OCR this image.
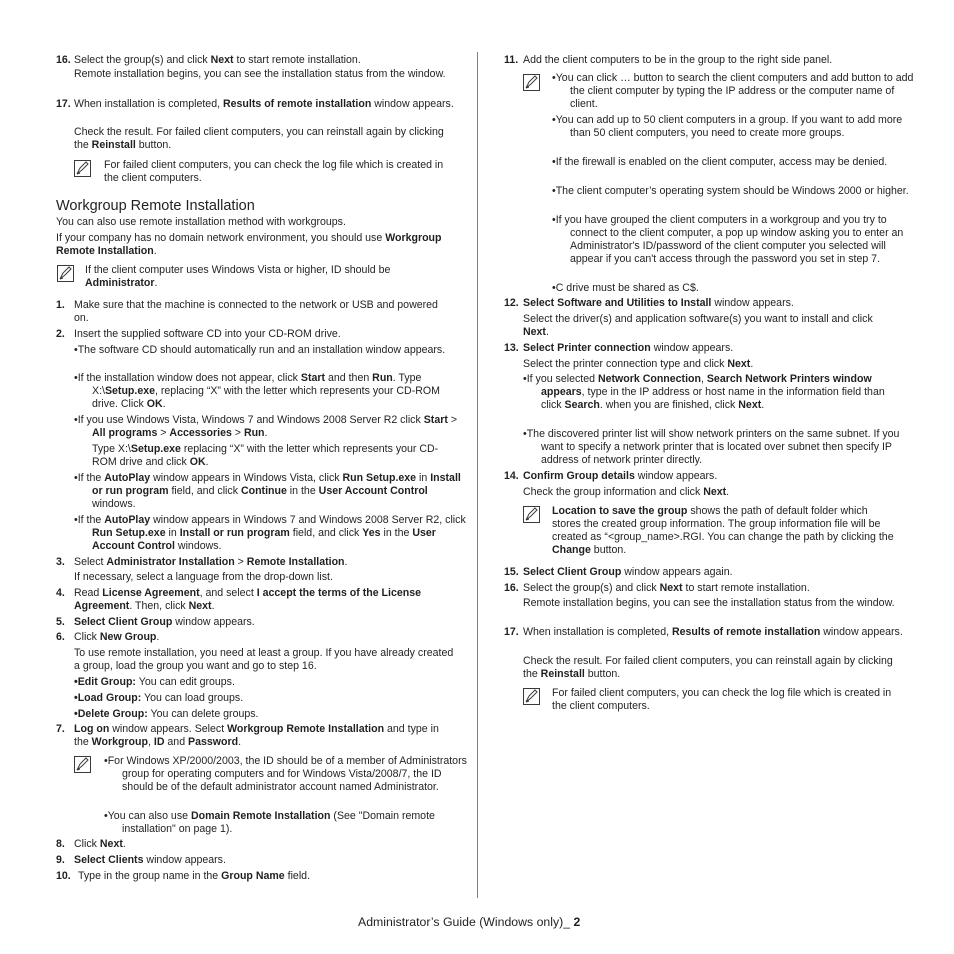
16. Select the group(s) and click Next to start remote installation.
Remote installation begins, you can see the installation status from the window.
17. When installation is completed, Results of remote installation window appears.
Check the result. For failed client computers, you can reinstall again by clicking the Reinstall button.
For failed client computers, you can check the log file which is created in the client computers.
Workgroup Remote Installation
You can also use remote installation method with workgroups.
If your company has no domain network environment, you should use Workgroup Remote Installation.
If the client computer uses Windows Vista or higher, ID should be Administrator.
1. Make sure that the machine is connected to the network or USB and powered on.
2. Insert the supplied software CD into your CD-ROM drive.
•The software CD should automatically run and an installation window appears.
•If the installation window does not appear, click Start and then Run. Type X:\Setup.exe, replacing “X” with the letter which represents your CD-ROM drive. Click OK.
•If you use Windows Vista, Windows 7 and Windows 2008 Server R2 click Start > All programs > Accessories > Run.
Type X:\Setup.exe replacing “X” with the letter which represents your CD-ROM drive and click OK.
•If the AutoPlay window appears in Windows Vista, click Run Setup.exe in Install or run program field, and click Continue in the User Account Control windows.
•If the AutoPlay window appears in Windows 7 and Windows 2008 Server R2, click Run Setup.exe in Install or run program field, and click Yes in the User Account Control windows.
3. Select Administrator Installation > Remote Installation.
If necessary, select a language from the drop-down list.
4. Read License Agreement, and select I accept the terms of the License Agreement. Then, click Next.
5. Select Client Group window appears.
6. Click New Group.
To use remote installation, you need at least a group. If you have already created a group, load the group you want and go to step 16.
•Edit Group: You can edit groups.
•Load Group: You can load groups.
•Delete Group: You can delete groups.
7. Log on window appears. Select Workgroup Remote Installation and type in the Workgroup, ID and Password.
•For Windows XP/2000/2003, the ID should be of a member of Administrators group for operating computers and for Windows Vista/2008/7, the ID should be of the default administrator account named Administrator.
•You can also use Domain Remote Installation (See "Domain remote installation" on page 1).
8. Click Next.
9. Select Clients window appears.
10. Type in the group name in the Group Name field.
11. Add the client computers to be in the group to the right side panel.
•You can click … button to search the client computers and add button to add the client computer by typing the IP address or the computer name of client.
•You can add up to 50 client computers in a group. If you want to add more than 50 client computers, you need to create more groups.
•If the firewall is enabled on the client computer, access may be denied.
•The client computer’s operating system should be Windows 2000 or higher.
•If you have grouped the client computers in a workgroup and you try to connect to the client computer, a pop up window asking you to enter an Administrator's ID/password of the client computer you selected will appear if you can't access through the password you set in step 7.
•C drive must be shared as C$.
12. Select Software and Utilities to Install window appears.
Select the driver(s) and application software(s) you want to install and click Next.
13. Select Printer connection window appears.
Select the printer connection type and click Next.
•If you selected Network Connection, Search Network Printers window appears, type in the IP address or host name in the information field than click Search. when you are finished, click Next.
•The discovered printer list will show network printers on the same subnet. If you want to specify a network printer that is located over subnet then specify IP address of network printer directly.
14. Confirm Group details window appears.
Check the group information and click Next.
Location to save the group shows the path of default folder which stores the created group information. The group information file will be created as “<group_name>.RGI. You can change the path by clicking the Change button.
15. Select Client Group window appears again.
16. Select the group(s) and click Next to start remote installation.
Remote installation begins, you can see the installation status from the window.
17. When installation is completed, Results of remote installation window appears.
Check the result. For failed client computers, you can reinstall again by clicking the Reinstall button.
For failed client computers, you can check the log file which is created in the client computers.
Administrator’s Guide (Windows only)_ 2
